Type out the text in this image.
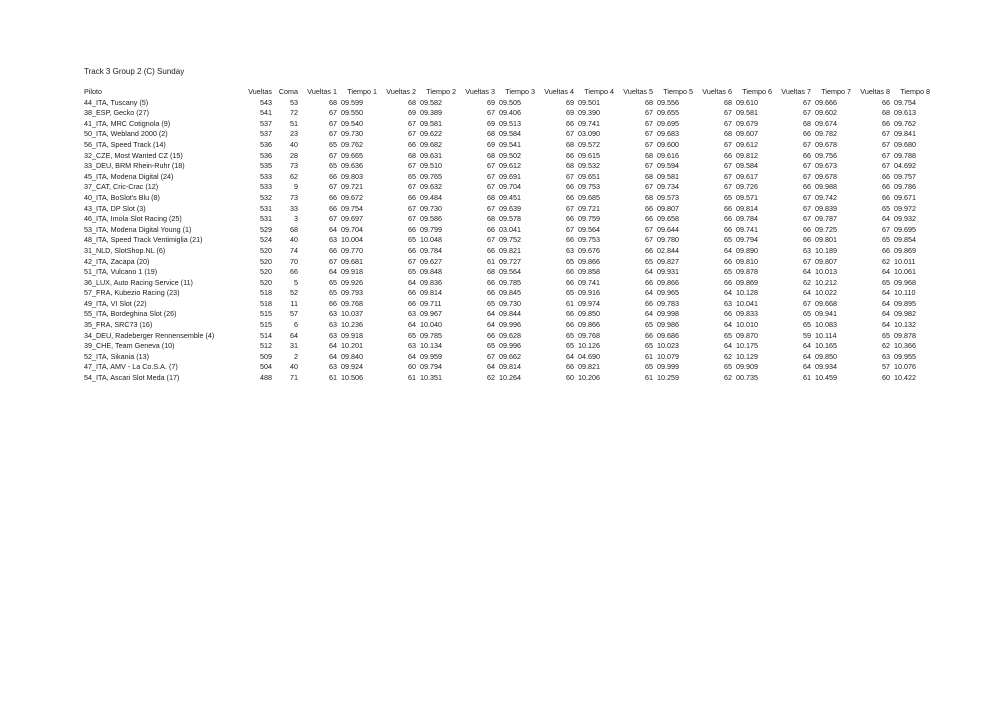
Track 3 Group 2 (C) Sunday
Piloto	Vueltas	Coma	Vueltas 1	Tiempo 1	Vueltas 2	Tiempo 2	Vueltas 3	Tiempo 3	Vueltas 4	Tiempo 4	Vueltas 5	Tiempo 5	Vueltas 6	Tiempo 6	Vueltas 7	Tiempo 7	Vueltas 8	Tiempo 8
44_ITA, Tuscany (5)	543	53	68	09.599	68	09.582	69	09.505	69	09.501	68	09.556	68	09.610	67	09.666	66	09.754
38_ESP, Gecko (27)	541	72	67	09.550	69	09.389	67	09.406	69	09.390	67	09.655	67	09.581	67	09.602	68	09.613
41_ITA, MRC Cotignola (9)	537	51	67	09.540	67	09.581	69	09.513	66	09.741	67	09.695	67	09.679	68	09.674	66	09.762
50_ITA, Webland 2000 (2)	537	23	67	09.730	67	09.622	68	09.584	67	03.090	67	09.683	68	09.607	66	09.782	67	09.841
56_ITA, Speed Track (14)	536	40	65	09.762	66	09.682	69	09.541	68	09.572	67	09.600	67	09.612	67	09.678	67	09.680
32_CZE, Most Wanted CZ (15)	536	28	67	09.665	68	09.631	68	09.502	66	09.615	68	09.616	66	09.812	66	09.756	67	09.788
33_DEU, BRM Rhein-Ruhr (18)	535	73	65	09.636	67	09.510	67	09.612	68	09.532	67	09.594	67	09.584	67	09.673	67	04.692
45_ITA, Modena Digital (24)	533	62	66	09.803	65	09.765	67	09.691	67	09.651	68	09.581	67	09.617	67	09.678	66	09.757
37_CAT, Cric-Crac (12)	533	9	67	09.721	67	09.632	67	09.704	66	09.753	67	09.734	67	09.726	66	09.988	66	09.786
40_ITA, BoSlot's Blu (8)	532	73	66	09.672	66	09.484	68	09.451	66	09.685	68	09.573	65	09.571	67	09.742	66	09.671
43_ITA, DP Slot (3)	531	33	66	09.754	67	09.730	67	09.639	67	09.721	66	09.807	66	09.814	67	09.839	65	09.972
46_ITA, Imola Slot Racing (25)	531	3	67	09.697	67	09.586	68	09.578	66	09.759	66	09.658	66	09.784	67	09.787	64	09.932
53_ITA, Modena Digital Young (1)	529	68	64	09.704	66	09.799	66	03.041	67	09.564	67	09.644	66	09.741	66	09.725	67	09.695
48_ITA, Speed Track Ventimiglia (21)	524	40	63	10.004	65	10.048	67	09.752	66	09.753	67	09.780	65	09.794	66	09.801	65	09.854
31_NLD, SlotShop.NL (6)	520	74	66	09.770	66	09.784	66	09.821	63	09.676	66	02.844	64	09.890	63	10.189	66	09.869
42_ITA, Zacapa (20)	520	70	67	09.681	67	09.627	61	09.727	65	09.866	65	09.827	66	09.810	67	09.807	62	10.011
51_ITA, Vulcano 1 (19)	520	66	64	09.918	65	09.848	68	09.564	66	09.858	64	09.931	65	09.878	64	10.013	64	10.061
36_LUX, Auto Racing Service (11)	520	5	65	09.926	64	09.836	66	09.785	66	09.741	66	09.866	66	09.869	62	10.212	65	09.968
57_FRA, Kubezio Racing (23)	518	52	65	09.793	66	09.814	66	09.845	65	09.916	64	09.965	64	10.128	64	10.022	64	10.110
49_ITA, VI Slot (22)	518	11	66	09.768	66	09.711	65	09.730	61	09.974	66	09.783	63	10.041	67	09.668	64	09.895
55_ITA, Bordeghina Slot (26)	515	57	63	10.037	63	09.967	64	09.844	66	09.850	64	09.998	66	09.833	65	09.941	64	09.982
35_FRA, SRC73 (16)	515	6	63	10.236	64	10.040	64	09.996	66	09.866	65	09.986	64	10.010	65	10.083	64	10.132
34_DEU, Radeberger Rennensemble (4)	514	64	63	09.918	65	09.785	66	09.628	65	09.768	66	09.686	65	09.870	59	10.114	65	09.878
39_CHE, Team Geneva (10)	512	31	64	10.201	63	10.134	65	09.996	65	10.126	65	10.023	64	10.175	64	10.165	62	10.366
52_ITA, Sikania (13)	509	2	64	09.840	64	09.959	67	09.662	64	04.690	61	10.079	62	10.129	64	09.850	63	09.955
47_ITA, AMV - La Co.S.A. (7)	504	40	63	09.924	60	09.794	64	09.814	66	09.821	65	09.999	65	09.909	64	09.934	57	10.076
54_ITA, Ascari Slot Meda (17)	488	71	61	10.506	61	10.351	62	10.264	60	10.206	61	10.259	62	00.735	61	10.459	60	10.422
